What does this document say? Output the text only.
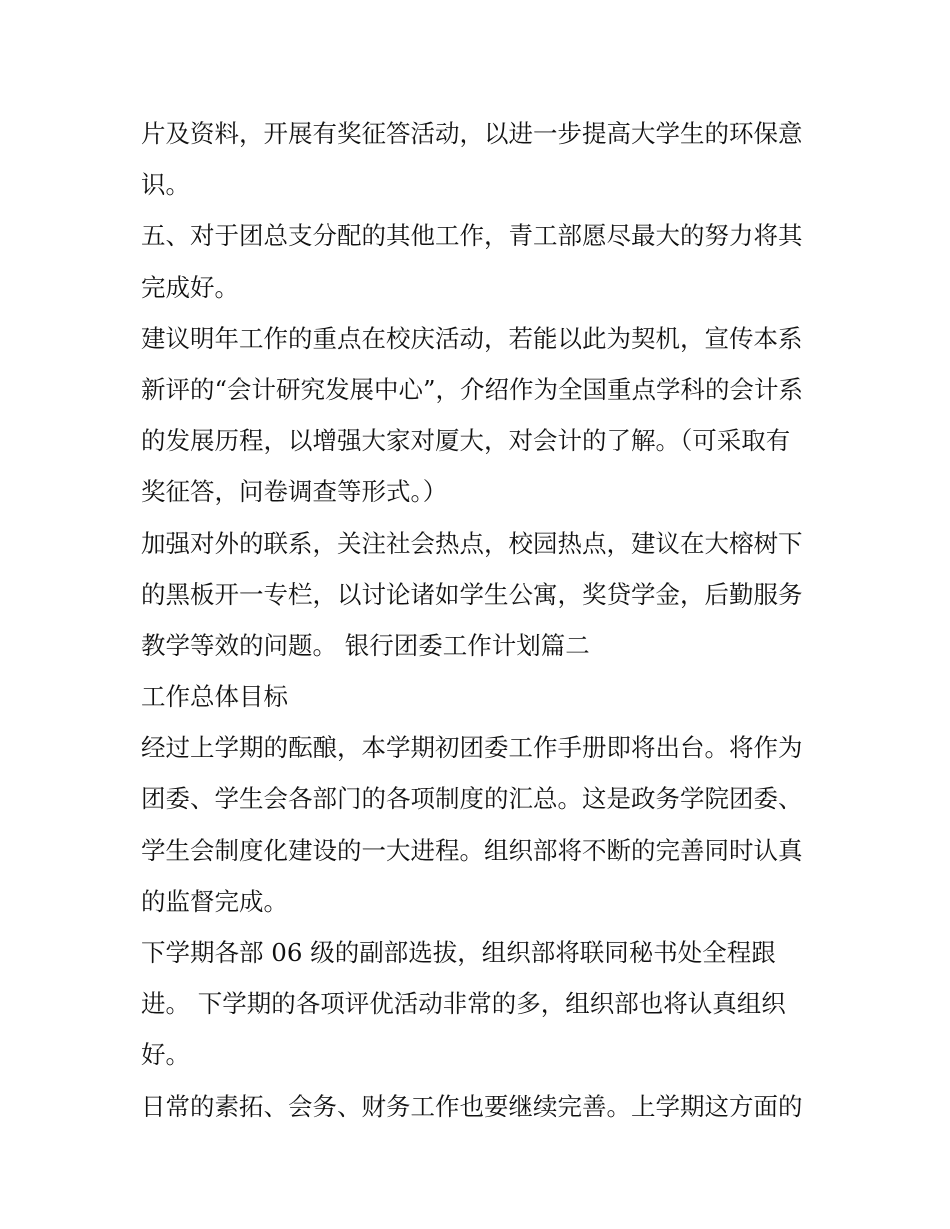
片及资料，开展有奖征答活动，以进一步提高大学生的环保意
识。
五、对于团总支分配的其他工作，青工部愿尽最大的努力将其
完成好。
建议明年工作的重点在校庆活动，若能以此为契机，宣传本系
新评的“会计研究发展中心”，介绍作为全国重点学科的会计系
的发展历程，以增强大家对厦大，对会计的了解。（可采取有
奖征答，问卷调查等形式。）
加强对外的联系，关注社会热点，校园热点，建议在大榕树下
的黑板开一专栏，以讨论诸如学生公寓，奖贷学金，后勤服务
教学等效的问题。 银行团委工作计划篇二
工作总体目标
经过上学期的酝酿，本学期初团委工作手册即将出台。将作为
团委、学生会各部门的各项制度的汇总。这是政务学院团委、
学生会制度化建设的一大进程。组织部将不断的完善同时认真
的监督完成。
下学期各部 06 级的副部选拔，组织部将联同秘书处全程跟
进。 下学期的各项评优活动非常的多，组织部也将认真组织
好。
日常的素拓、会务、财务工作也要继续完善。上学期这方面的
